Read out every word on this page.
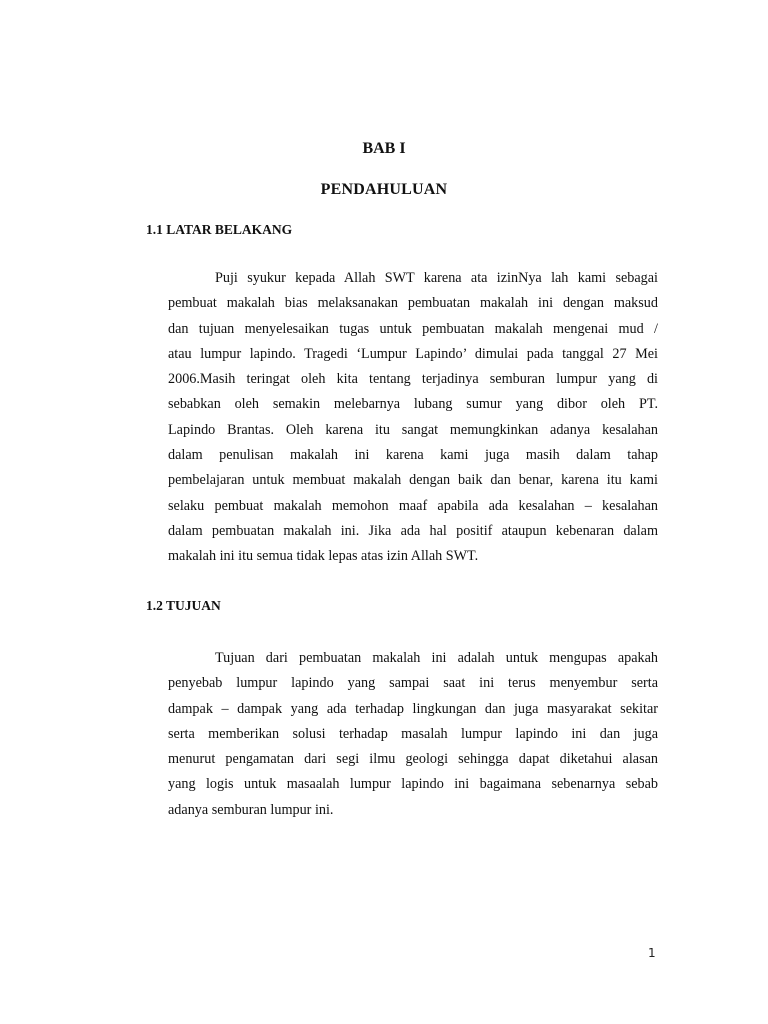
BAB I
PENDAHULUAN
1.1 LATAR BELAKANG
Puji syukur kepada Allah SWT karena ata izinNya lah kami sebagai
pembuat makalah bias melaksanakan pembuatan makalah ini dengan maksud
dan tujuan menyelesaikan tugas untuk pembuatan makalah mengenai mud /
atau lumpur lapindo. Tragedi ‘Lumpur Lapindo’ dimulai pada tanggal 27 Mei
2006.Masih teringat oleh kita tentang terjadinya semburan lumpur yang di
sebabkan oleh semakin melebarnya lubang sumur yang dibor oleh PT.
Lapindo Brantas. Oleh karena itu sangat memungkinkan adanya kesalahan
dalam penulisan makalah ini karena kami juga masih dalam tahap
pembelajaran untuk membuat makalah dengan baik dan benar, karena itu kami
selaku pembuat makalah memohon maaf apabila ada kesalahan – kesalahan
dalam pembuatan makalah ini. Jika ada hal positif ataupun kebenaran dalam
makalah ini itu semua tidak lepas atas izin Allah SWT.
1.2 TUJUAN
Tujuan dari pembuatan makalah ini adalah untuk mengupas apakah
penyebab lumpur lapindo yang sampai saat ini terus menyembur serta
dampak – dampak yang ada terhadap lingkungan dan juga masyarakat sekitar
serta memberikan solusi terhadap masalah lumpur lapindo ini dan juga
menurut pengamatan dari segi ilmu geologi sehingga dapat diketahui alasan
yang logis untuk masaalah lumpur lapindo ini bagaimana sebenarnya sebab
adanya semburan lumpur ini.
1
